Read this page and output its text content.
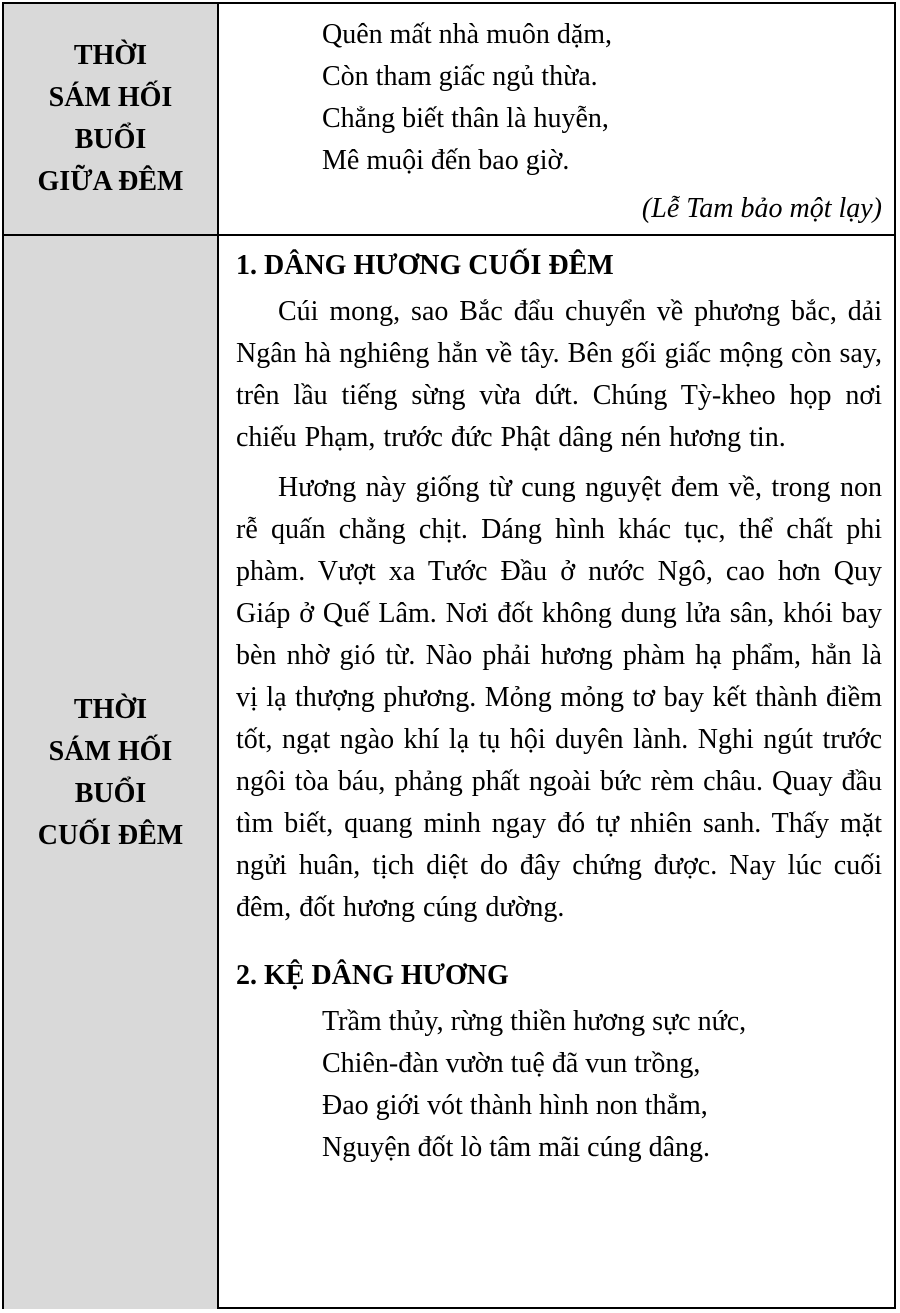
THỜI
SÁM HỐI
BUỔI
GIỮA ĐÊM
Quên mất nhà muôn dặm,
Còn tham giấc ngủ thừa.
Chẳng biết thân là huyễn,
Mê muội đến bao giờ.
(Lễ Tam bảo một lạy)
THỜI
SÁM HỐI
BUỔI
CUỐI ĐÊM

1. DÂNG HƯƠNG CUỐI ĐÊM

Cúi mong, sao Bắc đẩu chuyển về phương bắc, dải Ngân hà nghiêng hẳn về tây. Bên gối giấc mộng còn say, trên lầu tiếng sừng vừa dứt. Chúng Tỳ-kheo họp nơi chiếu Phạm, trước đức Phật dâng nén hương tin.

Hương này giống từ cung nguyệt đem về, trong non rễ quấn chằng chịt. Dáng hình khác tục, thể chất phi phàm. Vượt xa Tước Đầu ở nước Ngô, cao hơn Quy Giáp ở Quế Lâm. Nơi đốt không dung lửa sân, khói bay bèn nhờ gió từ. Nào phải hương phàm hạ phẩm, hẳn là vị lạ thượng phương. Mỏng mỏng tơ bay kết thành điềm tốt, ngạt ngào khí lạ tụ hội duyên lành. Nghi ngút trước ngôi tòa báu, phảng phất ngoài bức rèm châu. Quay đầu tìm biết, quang minh ngay đó tự nhiên sanh. Thấy mặt ngửi huân, tịch diệt do đây chứng được. Nay lúc cuối đêm, đốt hương cúng dường.

2. KỆ DÂNG HƯƠNG

Trầm thủy, rừng thiền hương sực nức,
Chiên-đàn vườn tuệ đã vun trồng,
Đao giới vót thành hình non thẳm,
Nguyện đốt lò tâm mãi cúng dâng.
